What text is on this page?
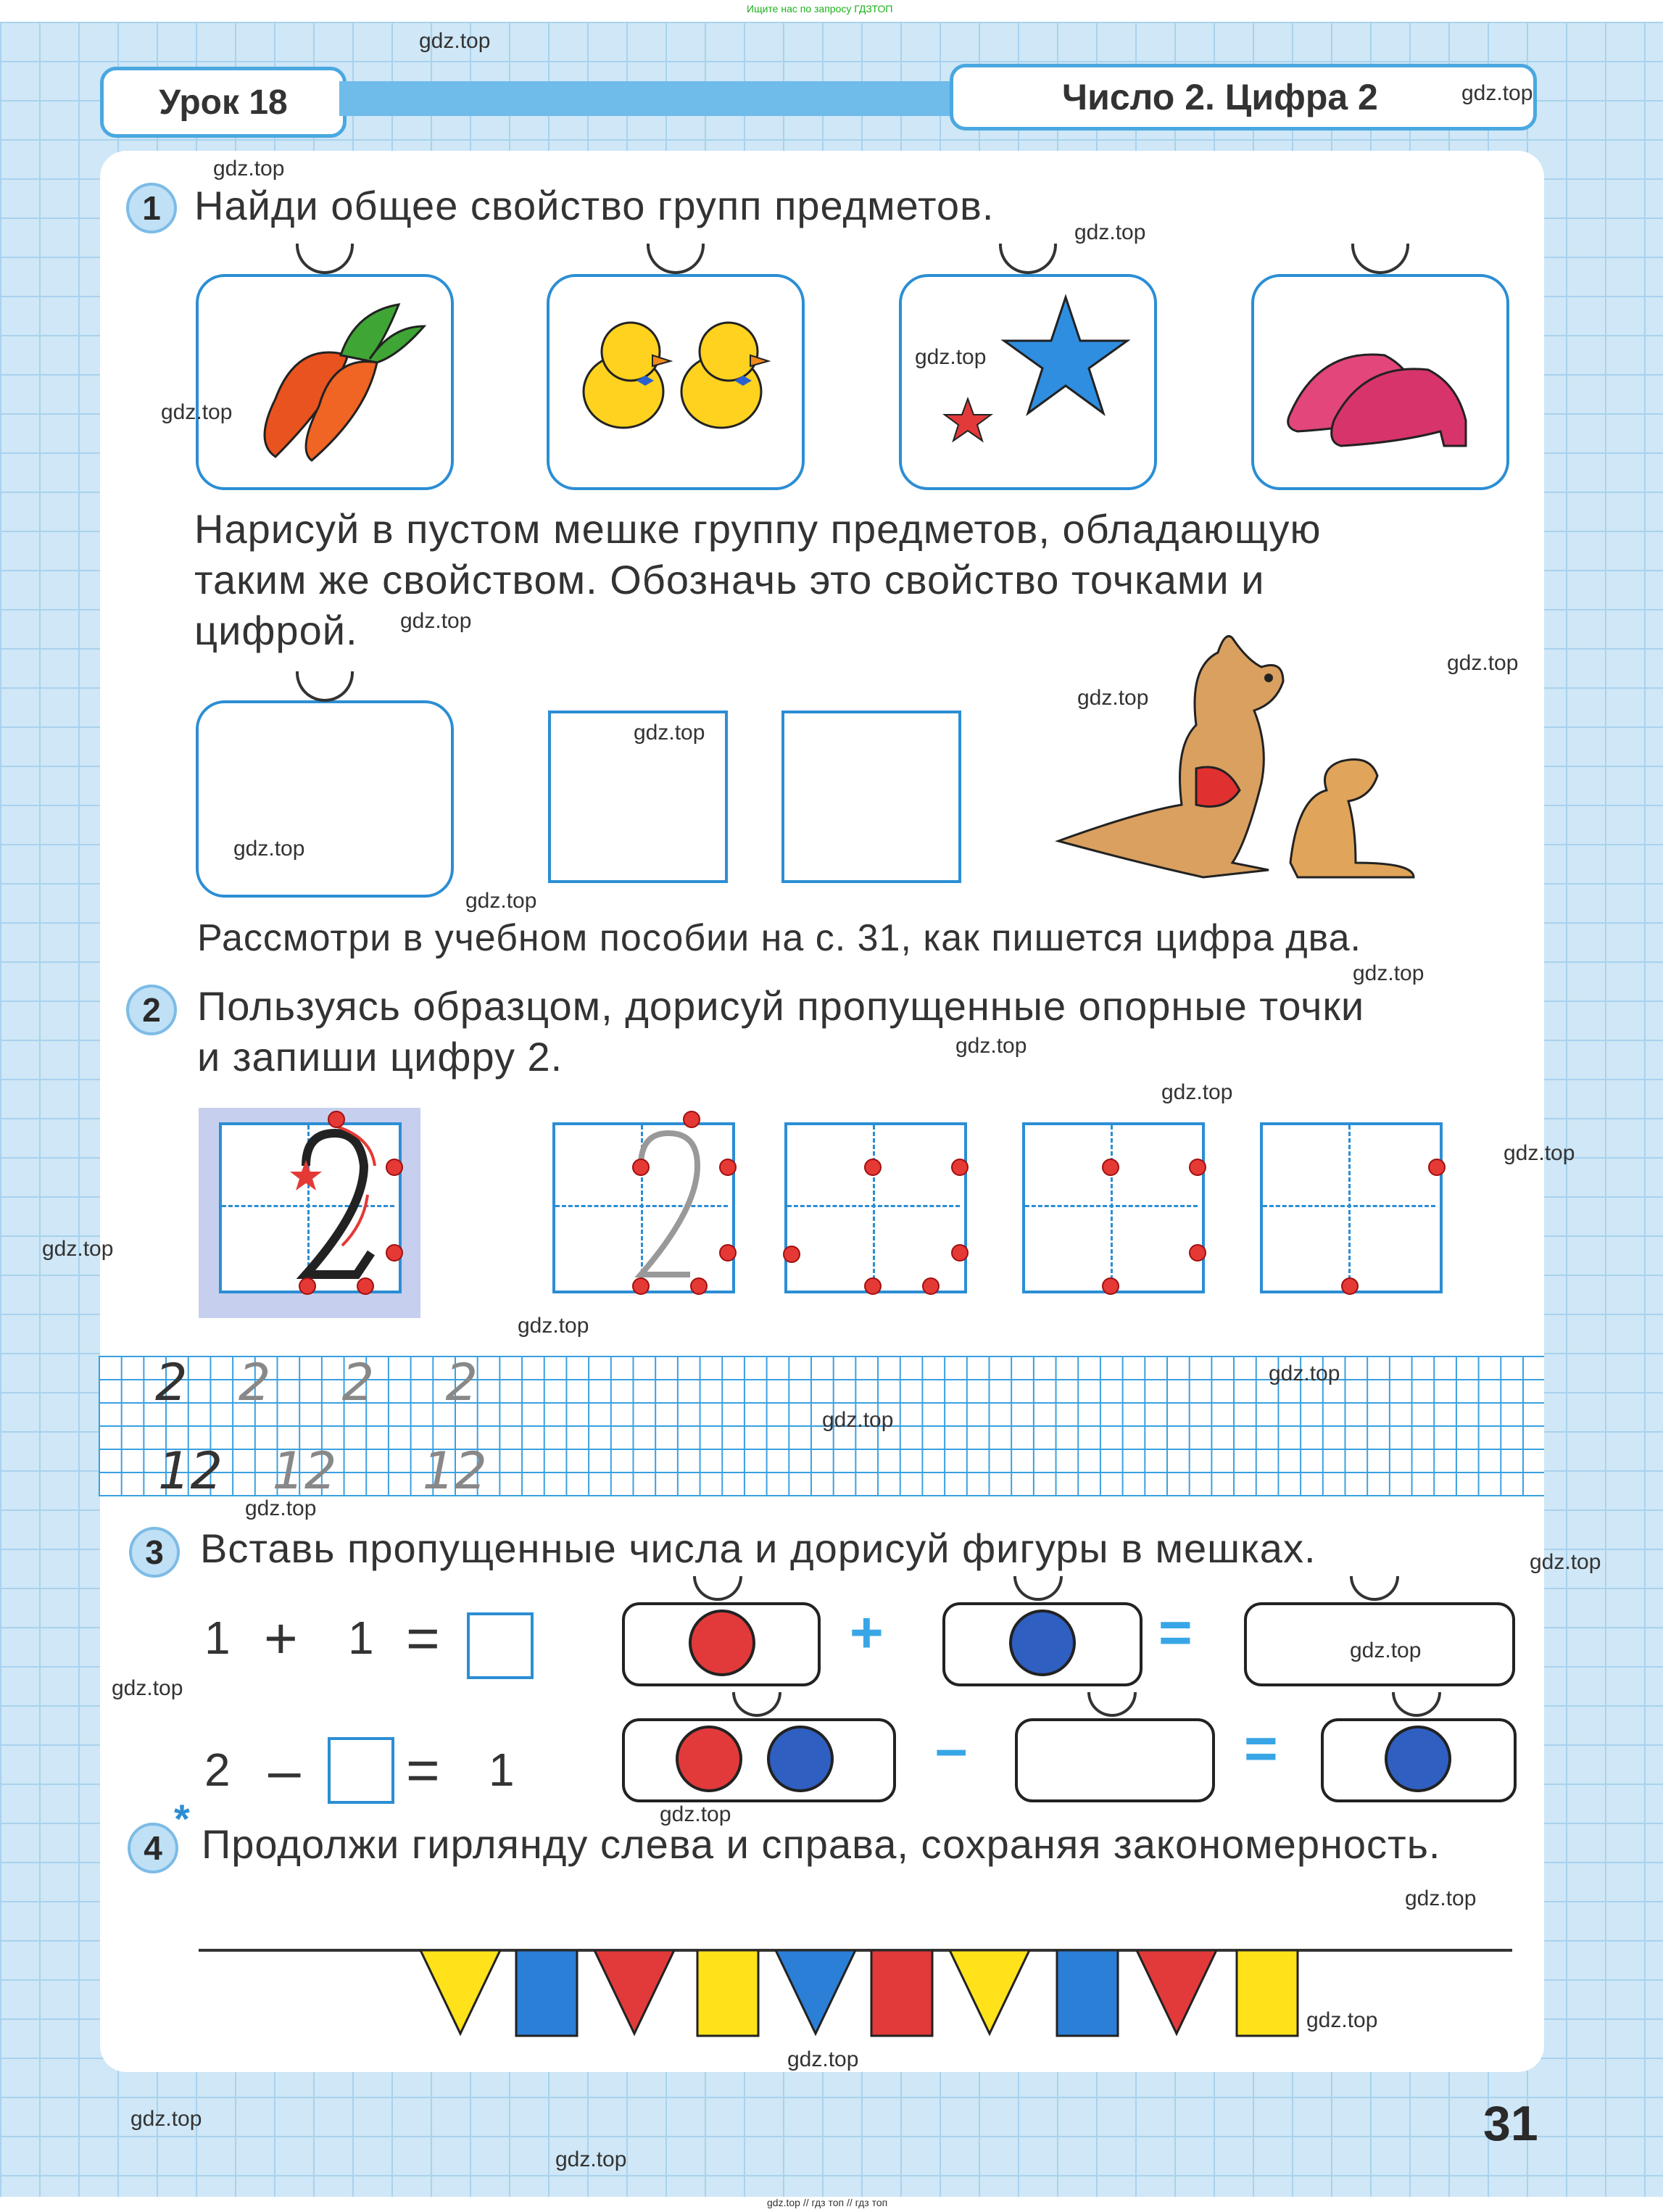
Ищите нас по запросу ГДЗТОП
Урок 18	Число 2. Цифра 2
1 Найди общее свойство групп предметов.
Нарисуй в пустом мешке группу предметов, обладающую
таким же свойством. Обозначь это свойство точками и
цифрой.
Рассмотри в учебном пособии на с. 31, как пишется цифра два.
2 Пользуясь образцом, дорисуй пропущенные опорные точки
и запиши цифру 2.
2 2 2 2
12 12 12
3 Вставь пропущенные числа и дорисуй фигуры в мешках.
1 + 1 =
2 – = 1
+	=
–	=
*
4 Продолжи гирлянду слева и справа, сохраняя закономерность.
31
gdz.top
gdz.top
gdz.top
gdz.top
gdz.top
gdz.top
gdz.top
gdz.top
gdz.top
gdz.top
gdz.top
gdz.top
gdz.top
gdz.top
gdz.top
gdz.top
gdz.top
gdz.top
gdz.top
gdz.top
gdz.top
gdz.top
gdz.top
gdz.top
gdz.top
gdz.top
gdz.top
gdz.top
gdz.top
gdz.top
gdz.top // гдз топ // гдз топ
